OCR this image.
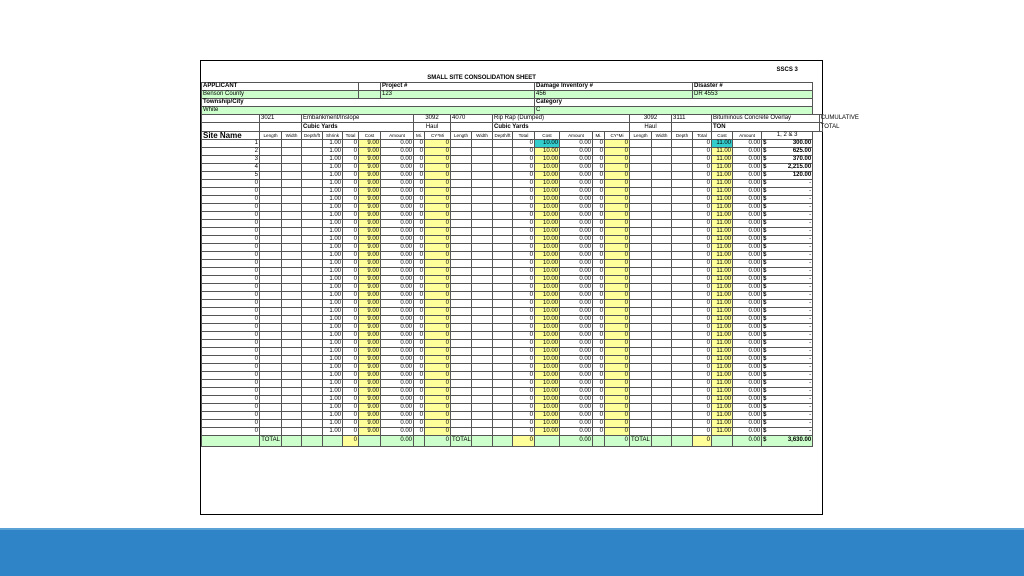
SMALL SITE CONSOLIDATION SHEET																								SSCS 3	
APPLICANT							Project #							Damage Inventory #							Disaster #				
Benson County							123							456							DR 4553				
Township/City														Category											
White														C											
	3021		Embankment/Inslope					3092		4070		Rip Rap (Dumped)						3092		3111		Bituminous Concrete Overlay			CUMULATIVE
			Cubic Yards					Haul				Cubic Yards						Haul				TON			TOTAL
Site Name	Length	Width	Depth/ft	Shrink	Total	Cost	Amount	Mi.	CY*Mi	Length	Width	Depth/ft	Total	Cost	Amount	Mi.	CY*Mi	Length	Width	Depth	Total	Cost	Amount	1, 2 & 3	
1				1.00	0	9.00	0.00	0	0				0	10.00	0.00	0	0				0	11.00	0.00	$ 300.00	
2				1.00	0	9.00	0.00	0	0				0	10.00	0.00	0	0				0	11.00	0.00	$ 625.00	
3				1.00	0	9.00	0.00	0	0				0	10.00	0.00	0	0				0	11.00	0.00	$ 370.00	
4				1.00	0	9.00	0.00	0	0				0	10.00	0.00	0	0				0	11.00	0.00	$ 2,215.00	
5				1.00	0	9.00	0.00	0	0				0	10.00	0.00	0	0				0	11.00	0.00	$ 120.00	
0				1.00	0	9.00	0.00	0	0				0	10.00	0.00	0	0				0	11.00	0.00	$ -	
0				1.00	0	9.00	0.00	0	0				0	10.00	0.00	0	0				0	11.00	0.00	$ -	
0				1.00	0	9.00	0.00	0	0				0	10.00	0.00	0	0				0	11.00	0.00	$ -	
0				1.00	0	9.00	0.00	0	0				0	10.00	0.00	0	0				0	11.00	0.00	$ -	
0				1.00	0	9.00	0.00	0	0				0	10.00	0.00	0	0				0	11.00	0.00	$ -	
0				1.00	0	9.00	0.00	0	0				0	10.00	0.00	0	0				0	11.00	0.00	$ -	
0				1.00	0	9.00	0.00	0	0				0	10.00	0.00	0	0				0	11.00	0.00	$ -	
0				1.00	0	9.00	0.00	0	0				0	10.00	0.00	0	0				0	11.00	0.00	$ -	
0				1.00	0	9.00	0.00	0	0				0	10.00	0.00	0	0				0	11.00	0.00	$ -	
0				1.00	0	9.00	0.00	0	0				0	10.00	0.00	0	0				0	11.00	0.00	$ -	
0				1.00	0	9.00	0.00	0	0				0	10.00	0.00	0	0				0	11.00	0.00	$ -	
0				1.00	0	9.00	0.00	0	0				0	10.00	0.00	0	0				0	11.00	0.00	$ -	
0				1.00	0	9.00	0.00	0	0				0	10.00	0.00	0	0				0	11.00	0.00	$ -	
0				1.00	0	9.00	0.00	0	0				0	10.00	0.00	0	0				0	11.00	0.00	$ -	
0				1.00	0	9.00	0.00	0	0				0	10.00	0.00	0	0				0	11.00	0.00	$ -	
0				1.00	0	9.00	0.00	0	0				0	10.00	0.00	0	0				0	11.00	0.00	$ -	
0				1.00	0	9.00	0.00	0	0				0	10.00	0.00	0	0				0	11.00	0.00	$ -	
0				1.00	0	9.00	0.00	0	0				0	10.00	0.00	0	0				0	11.00	0.00	$ -	
0				1.00	0	9.00	0.00	0	0				0	10.00	0.00	0	0				0	11.00	0.00	$ -	
0				1.00	0	9.00	0.00	0	0				0	10.00	0.00	0	0				0	11.00	0.00	$ -	
0				1.00	0	9.00	0.00	0	0				0	10.00	0.00	0	0				0	11.00	0.00	$ -	
0				1.00	0	9.00	0.00	0	0				0	10.00	0.00	0	0				0	11.00	0.00	$ -	
0				1.00	0	9.00	0.00	0	0				0	10.00	0.00	0	0				0	11.00	0.00	$ -	
0				1.00	0	9.00	0.00	0	0				0	10.00	0.00	0	0				0	11.00	0.00	$ -	
0				1.00	0	9.00	0.00	0	0				0	10.00	0.00	0	0				0	11.00	0.00	$ -	
0				1.00	0	9.00	0.00	0	0				0	10.00	0.00	0	0				0	11.00	0.00	$ -	
0				1.00	0	9.00	0.00	0	0				0	10.00	0.00	0	0				0	11.00	0.00	$ -	
0				1.00	0	9.00	0.00	0	0				0	10.00	0.00	0	0				0	11.00	0.00	$ -	
0				1.00	0	9.00	0.00	0	0				0	10.00	0.00	0	0				0	11.00	0.00	$ -	
0				1.00	0	9.00	0.00	0	0				0	10.00	0.00	0	0				0	11.00	0.00	$ -	
0				1.00	0	9.00	0.00	0	0				0	10.00	0.00	0	0				0	11.00	0.00	$ -	
0				1.00	0	9.00	0.00	0	0				0	10.00	0.00	0	0				0	11.00	0.00	$ -	
	TOTAL				0		0.00		0	TOTAL			0		0.00		0	TOTAL			0		0.00	$ 3,630.00	
